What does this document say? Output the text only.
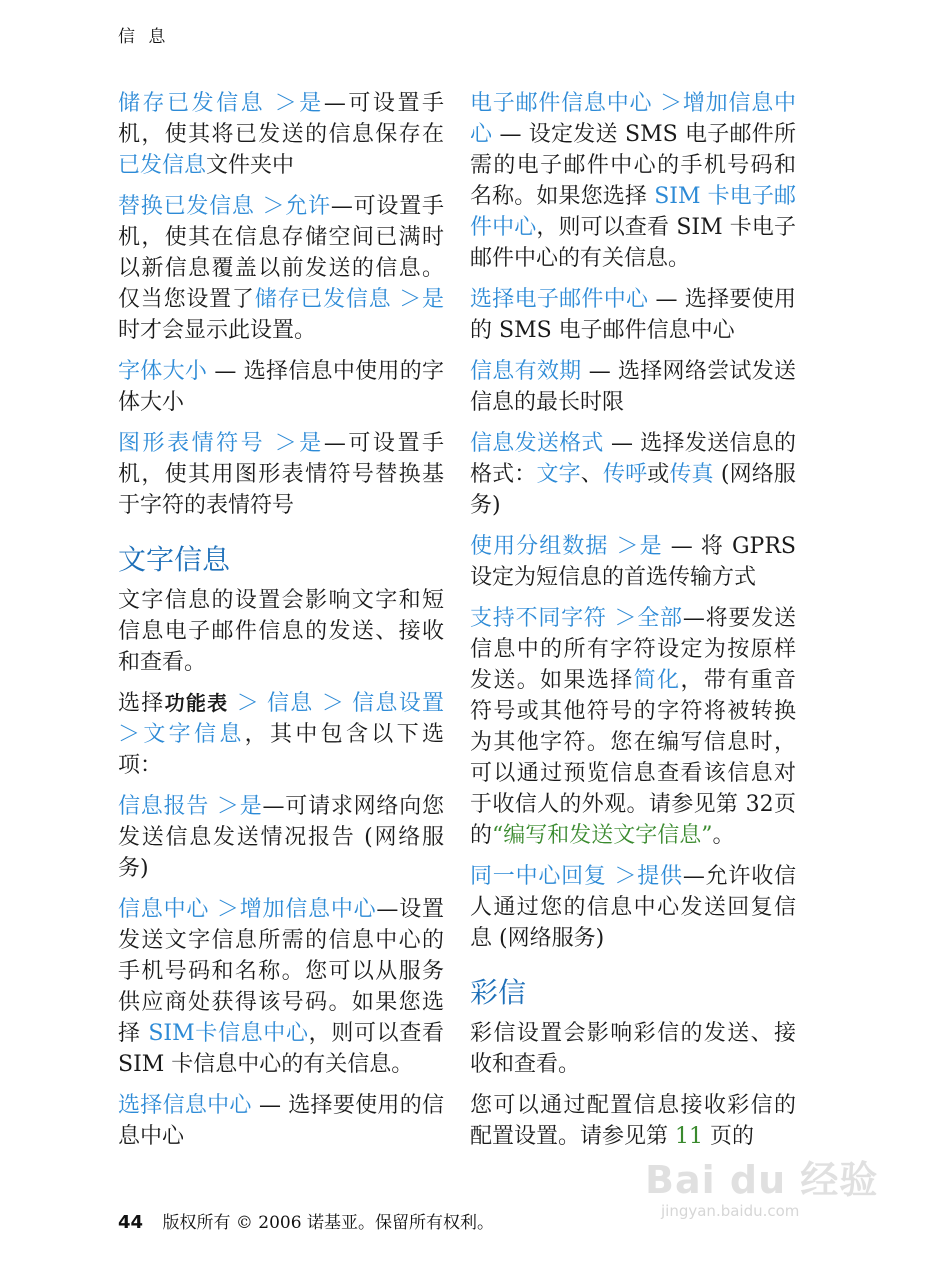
信 息

储存已发信息 ＞是—可设置手机，使其将已发送的信息保存在已发信息文件夹中

替换已发信息 ＞允许—可设置手机，使其在信息存储空间已满时以新信息覆盖以前发送的信息。仅当您设置了储存已发信息 ＞是时才会显示此设置。

字体大小 — 选择信息中使用的字体大小

图形表情符号 ＞是—可设置手机，使其用图形表情符号替换基于字符的表情符号

文字信息

文字信息的设置会影响文字和短信息电子邮件信息的发送、接收和查看。

选择功能表 ＞ 信息 ＞ 信息设置 ＞文字信息，其中包含以下选项：

信息报告 ＞是—可请求网络向您发送信息发送情况报告 (网络服务)

信息中心 ＞增加信息中心—设置发送文字信息所需的信息中心的手机号码和名称。您可以从服务供应商处获得该号码。如果您选择 SIM卡信息中心，则可以查看 SIM 卡信息中心的有关信息。

选择信息中心 — 选择要使用的信息中心

电子邮件信息中心 ＞增加信息中心 — 设定发送 SMS 电子邮件所需的电子邮件中心的手机号码和名称。如果您选择 SIM 卡电子邮件中心，则可以查看 SIM 卡电子邮件中心的有关信息。

选择电子邮件中心 — 选择要使用的 SMS 电子邮件信息中心

信息有效期 — 选择网络尝试发送信息的最长时限

信息发送格式 — 选择发送信息的格式：文字、传呼或传真 (网络服务)

使用分组数据 ＞是 — 将 GPRS 设定为短信息的首选传输方式

支持不同字符 ＞全部—将要发送信息中的所有字符设定为按原样发送。如果选择简化，带有重音符号或其他符号的字符将被转换为其他字符。您在编写信息时，可以通过预览信息查看该信息对于收信人的外观。请参见第 32页的“编写和发送文字信息”。

同一中心回复 ＞提供—允许收信人通过您的信息中心发送回复信息 (网络服务)

彩信

彩信设置会影响彩信的发送、接收和查看。

您可以通过配置信息接收彩信的配置设置。请参见第 11 页的

44 版权所有 © 2006 诺基亚。保留所有权利。
Bai du 经验
jingyan.baidu.com
